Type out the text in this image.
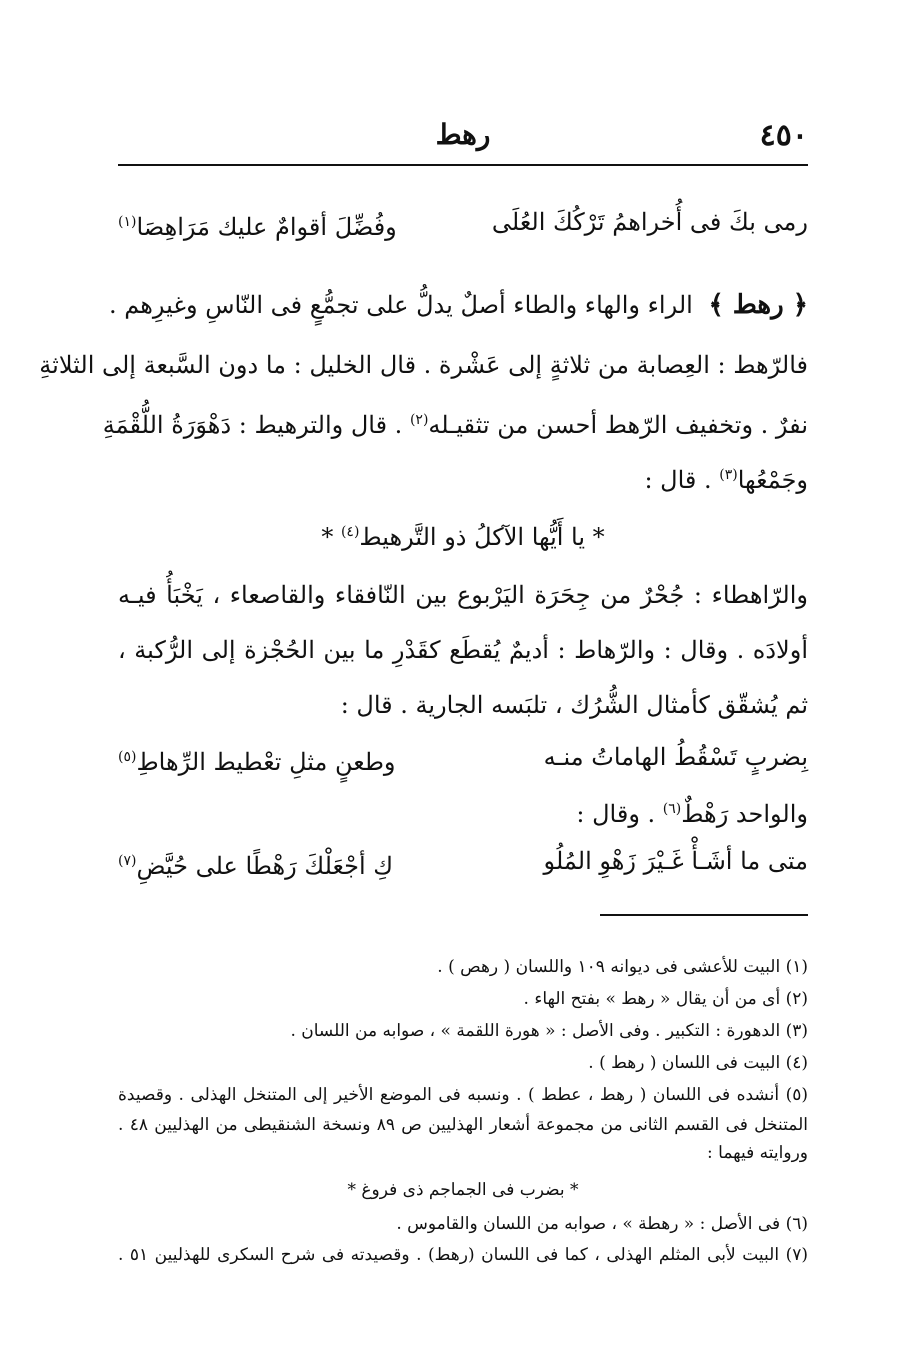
٤٥٠
رهط
رمى بكَ فى أُخراهمُ تَرْكُكَ العُلَى
وفُضِّلَ أقوامٌ عليك مَرَاهِصَا$^{(١)}$
﴿ رهط ﴾ الراء والهاء والطاء أصلٌ يدلُّ على تجمُّعٍ فى النّاسِ وغيرِهم .
فالرّهط : العِصابة من ثلاثةٍ إلى عَشْرة . قال الخليل : ما دون السَّبعة إلى الثلاثةِ
نفرٌ . وتخفيف الرّهط أحسن من تثقيـله$^{(٢)}$ . قال والترهيط : دَهْوَرَةُ اللُّقْمَةِ
وجَمْعُها$^{(٣)}$ . قال :
* يا أَيُّها الآكلُ ذو التَّرهيط$^{(٤)}$ *
والرّاهطاء : جُحْرٌ من جِحَرَة اليَرْبوع بين النّافقاء والقاصعاء ، يَخْبَأُ فيـه
أولادَه . وقال : والرّهاط : أديمٌ يُقطَع كقَدْرِ ما بين الحُجْزة إلى الرُّكبة ،
ثم يُشقّق كأمثال الشُّرُك ، تلبَسه الجارية . قال :
بِضربٍ تَسْقُطُ الهاماتُ منـه
وطعنٍ مثلِ تعْطيط الرِّهاطِ$^{(٥)}$
والواحد رَهْطٌ$^{(٦)}$ . وقال :
متى ما أشَـأْ غَـيْرَ زَهْوِ المُلُو
كِ أجْعَلْكَ رَهْطًا على حُيَّضِ$^{(٧)}$
(١) البيت للأعشى فى ديوانه ١٠٩ واللسان ( رهص ) .
(٢) أى من أن يقال « رهط » بفتح الهاء .
(٣) الدهورة : التكبير . وفى الأصل : « هورة اللقمة » ، صوابه من اللسان .
(٤) البيت فى اللسان ( رهط ) .
(٥) أنشده فى اللسان ( رهط ، عطط ) . ونسبه فى الموضع الأخير إلى المتنخل الهذلى . وقصيدة
المتنخل فى القسم الثانى من مجموعة أشعار الهذليين ص ٨٩ ونسخة الشنقيطى من الهذليين ٤٨ .
وروايته فيهما :
* بضرب فى الجماجم ذى فروغ *
(٦) فى الأصل : « رهطة » ، صوابه من اللسان والقاموس .
(٧) البيت لأبى المثلم الهذلى ، كما فى اللسان (رهط) . وقصيدته فى شرح السكرى للهذليين ٥١ .
